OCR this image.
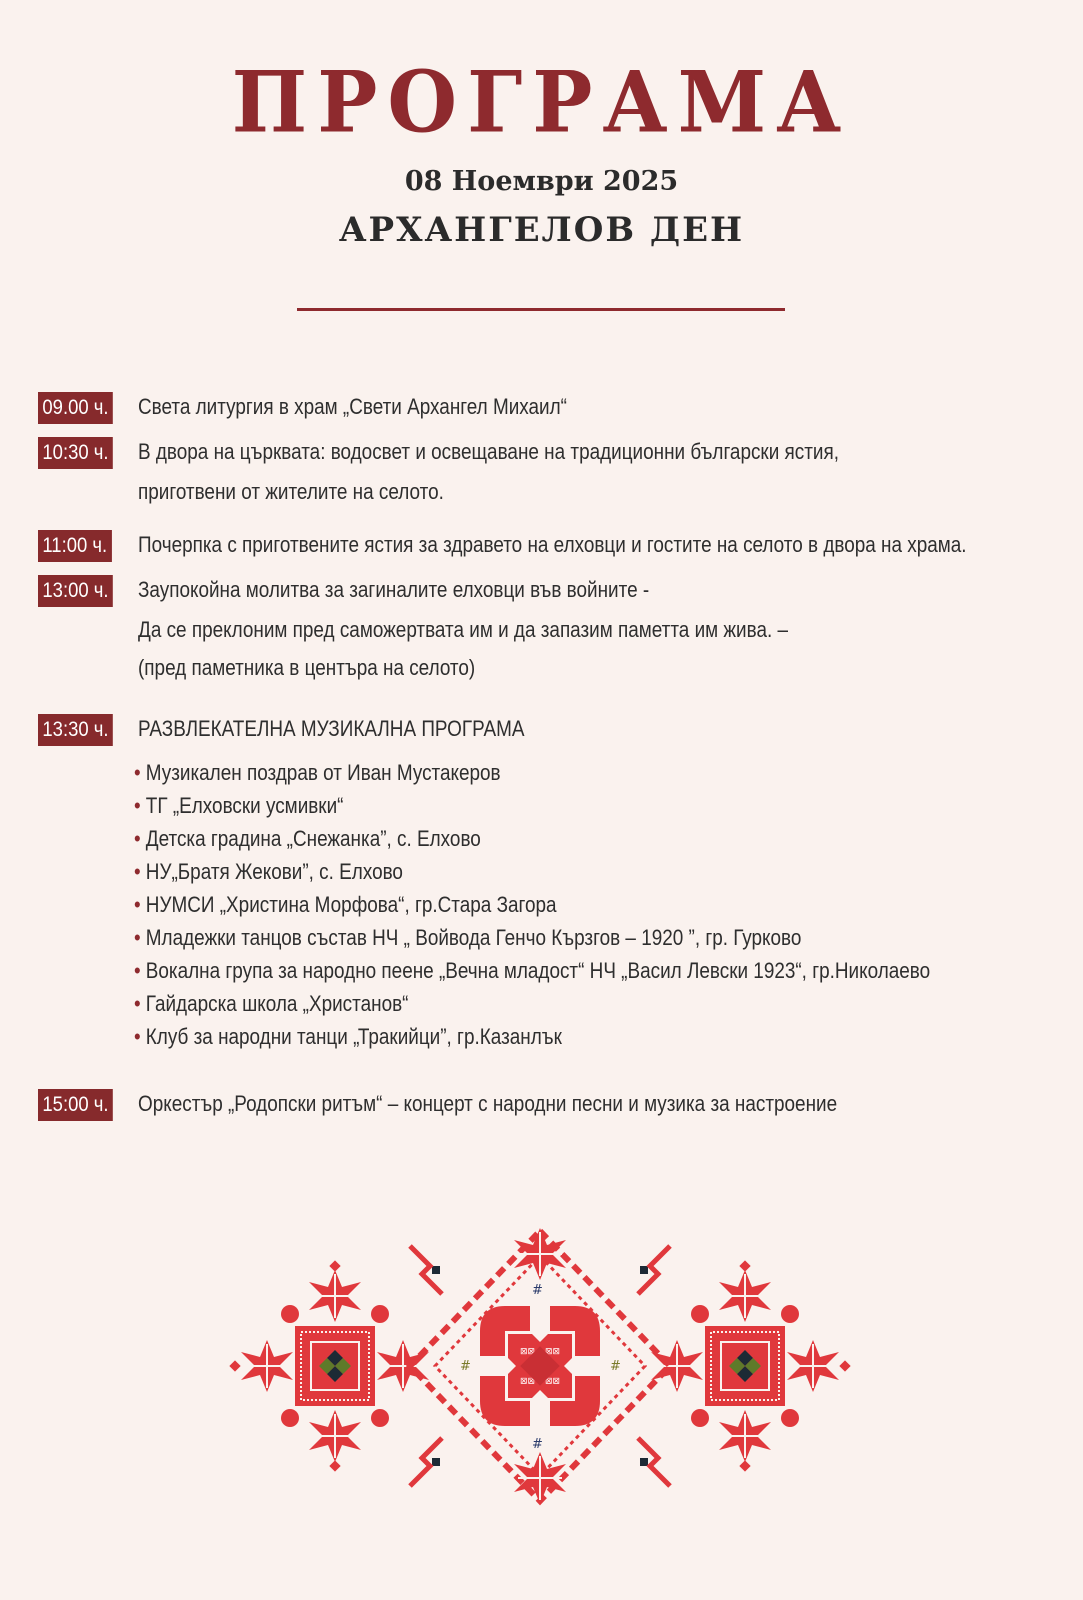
ПРОГРАМА
08 Ноември 2025
АРХАНГЕЛОВ ДЕН
09.00 ч. Света литургия в храм „Свети Архангел Михаил“
10:30 ч. В двора на църквата: водосвет и освещаване на традиционни български ястия,
приготвени от жителите на селото.
11:00 ч. Почерпка с приготвените ястия за здравето на елховци и гостите на селото в двора на храма.
13:00 ч. Заупокойна молитва за загиналите елховци във войните -
Да се преклоним пред саможертвата им и да запазим паметта им жива. –
(пред паметника в центъра на селото)
13:30 ч. РАЗВЛЕКАТЕЛНА МУЗИКАЛНА ПРОГРАМА
• Музикален поздрав от Иван Мустакеров
• ТГ „Елховски усмивки“
• Детска градина „Снежанка”, с. Елхово
• НУ„Братя Жекови”, с. Елхово
• НУМСИ „Христина Морфова“, гр.Стара Загора
• Младежки танцов състав НЧ „ Войвода Генчо Кързгов – 1920 ”, гр. Гурково
• Вокална група за народно пеене „Вечна младост“ НЧ „Васил Левски 1923“, гр.Николаево
• Гайдарска школа „Христанов“
• Клуб за народни танци „Тракийци”, гр.Казанлък
15:00 ч. Оркестър „Родопски ритъм“ – концерт с народни песни и музика за настроение
⊠⊠
#
#
#	#
